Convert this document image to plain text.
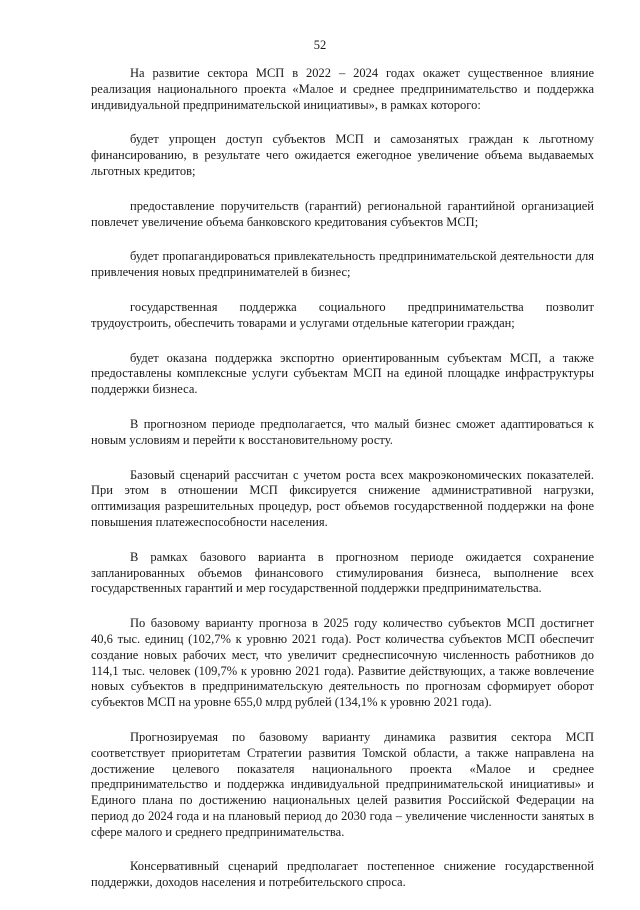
52

На развитие сектора МСП в 2022 – 2024 годах окажет существенное влияние реализация национального проекта «Малое и среднее предпринимательство и поддержка индивидуальной предпринимательской инициативы», в рамках которого:

будет упрощен доступ субъектов МСП и самозанятых граждан к льготному финансированию, в результате чего ожидается ежегодное увеличение объема выдаваемых льготных кредитов;

предоставление поручительств (гарантий) региональной гарантийной организацией повлечет увеличение объема банковского кредитования субъектов МСП;

будет пропагандироваться привлекательность предпринимательской деятельности для привлечения новых предпринимателей в бизнес;

государственная поддержка социального предпринимательства позволит трудоустроить, обеспечить товарами и услугами отдельные категории граждан;

будет оказана поддержка экспортно ориентированным субъектам МСП, а также предоставлены комплексные услуги субъектам МСП на единой площадке инфраструктуры поддержки бизнеса.

В прогнозном периоде предполагается, что малый бизнес сможет адаптироваться к новым условиям и перейти к восстановительному росту.

Базовый сценарий рассчитан с учетом роста всех макроэкономических показателей. При этом в отношении МСП фиксируется снижение административной нагрузки, оптимизация разрешительных процедур, рост объемов государственной поддержки на фоне повышения платежеспособности населения.

В рамках базового варианта в прогнозном периоде ожидается сохранение запланированных объемов финансового стимулирования бизнеса, выполнение всех государственных гарантий и мер государственной поддержки предпринимательства.

По базовому варианту прогноза в 2025 году количество субъектов МСП достигнет 40,6 тыс. единиц (102,7% к уровню 2021 года). Рост количества субъектов МСП обеспечит создание новых рабочих мест, что увеличит среднесписочную численность работников до 114,1 тыс. человек (109,7% к уровню 2021 года). Развитие действующих, а также вовлечение новых субъектов в предпринимательскую деятельность по прогнозам сформирует оборот субъектов МСП на уровне 655,0 млрд рублей (134,1% к уровню 2021 года).

Прогнозируемая по базовому варианту динамика развития сектора МСП соответствует приоритетам Стратегии развития Томской области, а также направлена на достижение целевого показателя национального проекта «Малое и среднее предпринимательство и поддержка индивидуальной предпринимательской инициативы» и Единого плана по достижению национальных целей развития Российской Федерации на период до 2024 года и на плановый период до 2030 года – увеличение численности занятых в сфере малого и среднего предпринимательства.

Консервативный сценарий предполагает постепенное снижение государственной поддержки, доходов населения и потребительского спроса.
